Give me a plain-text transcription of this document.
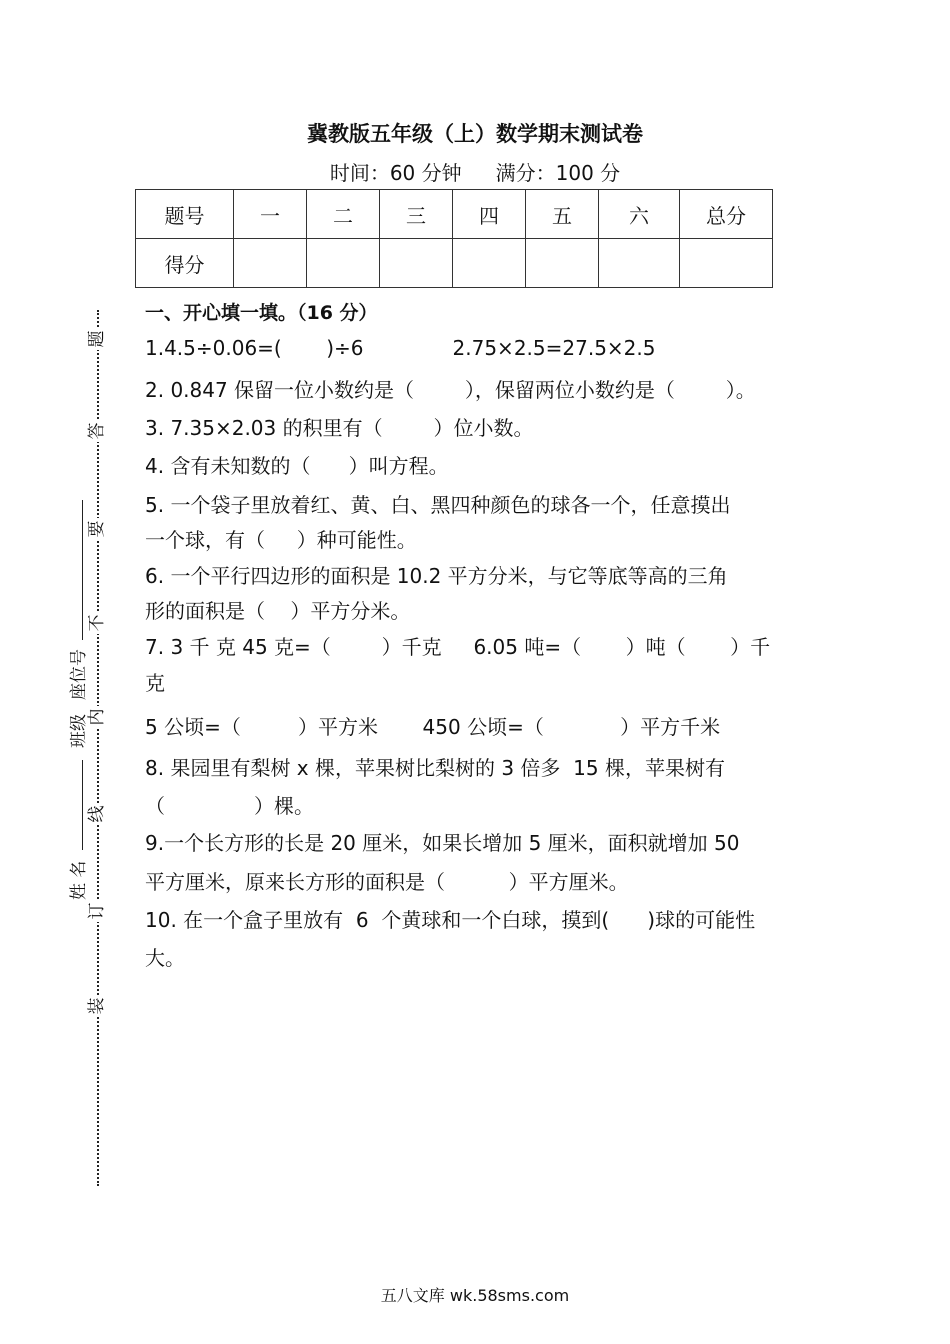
冀教版五年级（上）数学期末测试卷
时间：60 分钟 满分：100 分
题号	一	二	三	四	五	六	总分
得分							
一、开心填一填。（16 分）
1.4.5÷0.06=(       )÷6              2.75×2.5=27.5×2.5
2. 0.847 保留一位小数约是（        ），保留两位小数约是（        ）。
3. 7.35×2.03 的积里有（        ）位小数。
4. 含有未知数的（      ）叫方程。
5. 一个袋子里放着红、黄、白、黑四种颜色的球各一个，任意摸出
一个球，有（     ）种可能性。
6. 一个平行四边形的面积是 10.2 平方分米，与它等底等高的三角
形的面积是（    ）平方分米。
7. 3 千 克 45 克=（        ）千克     6.05 吨=（       ）吨（       ）千
克
5 公顷=（         ）平方米       450 公顷=（            ）平方千米
8. 果园里有梨树 x 棵，苹果树比梨树的 3 倍多  15 棵，苹果树有
（              ）棵。
9.一个长方形的长是 20 厘米，如果长增加 5 厘米，面积就增加 50
平方厘米，原来长方形的面积是（          ）平方厘米。
10. 在一个盒子里放有  6  个黄球和一个白球，摸到(      )球的可能性
大。
题
答
要
不
内
线
订
装
班级
座位号
姓 名
五八文库 wk.58sms.com
